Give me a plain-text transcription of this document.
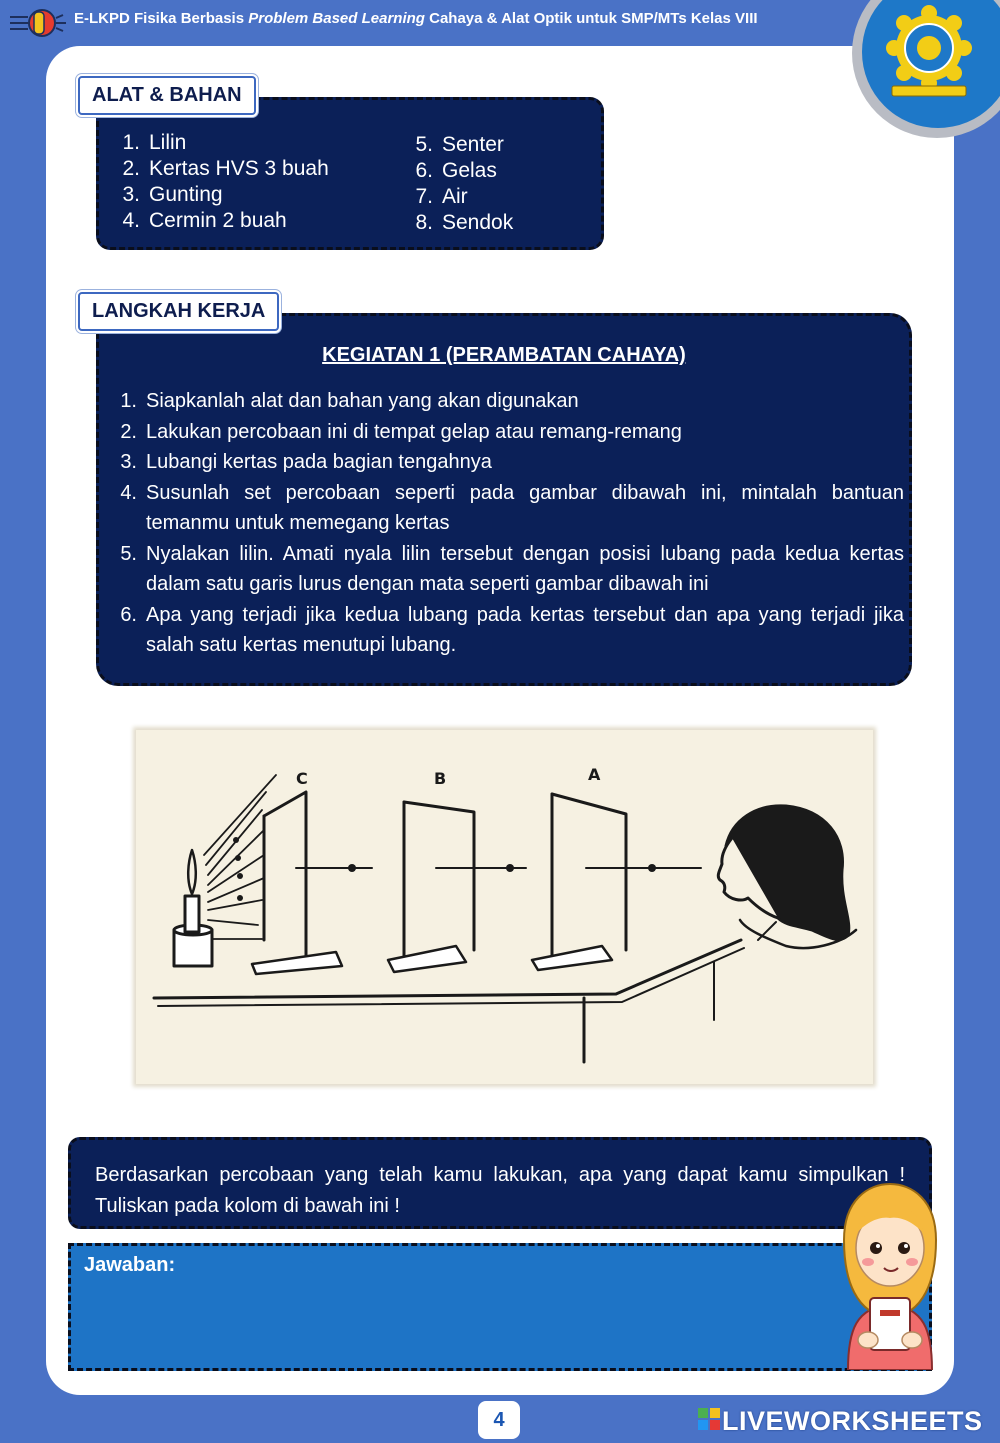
E-LKPD Fisika Berbasis Problem Based Learning Cahaya & Alat Optik untuk SMP/MTs Kelas VIII
1. Lilin
2. Kertas HVS 3 buah
3. Gunting
4. Cermin 2 buah
5. Senter
6. Gelas
7. Air
8. Sendok
ALAT & BAHAN
KEGIATAN 1 (PERAMBATAN CAHAYA)
1. Siapkanlah alat dan bahan yang akan digunakan
2. Lakukan percobaan ini di tempat gelap atau remang-remang
3. Lubangi kertas pada bagian tengahnya
4. Susunlah set percobaan seperti pada gambar dibawah ini, mintalah bantuan temanmu untuk memegang kertas
5. Nyalakan lilin. Amati nyala lilin tersebut dengan posisi lubang pada kedua kertas dalam satu garis lurus dengan mata seperti gambar dibawah ini
6. Apa yang terjadi jika kedua lubang pada kertas tersebut dan apa yang terjadi jika salah satu kertas menutupi lubang.
LANGKAH KERJA
C	B	A
Berdasarkan percobaan yang telah kamu lakukan, apa yang dapat kamu simpulkan ! Tuliskan pada kolom di bawah ini !
Jawaban:
4	LIVEWORKSHEETS
